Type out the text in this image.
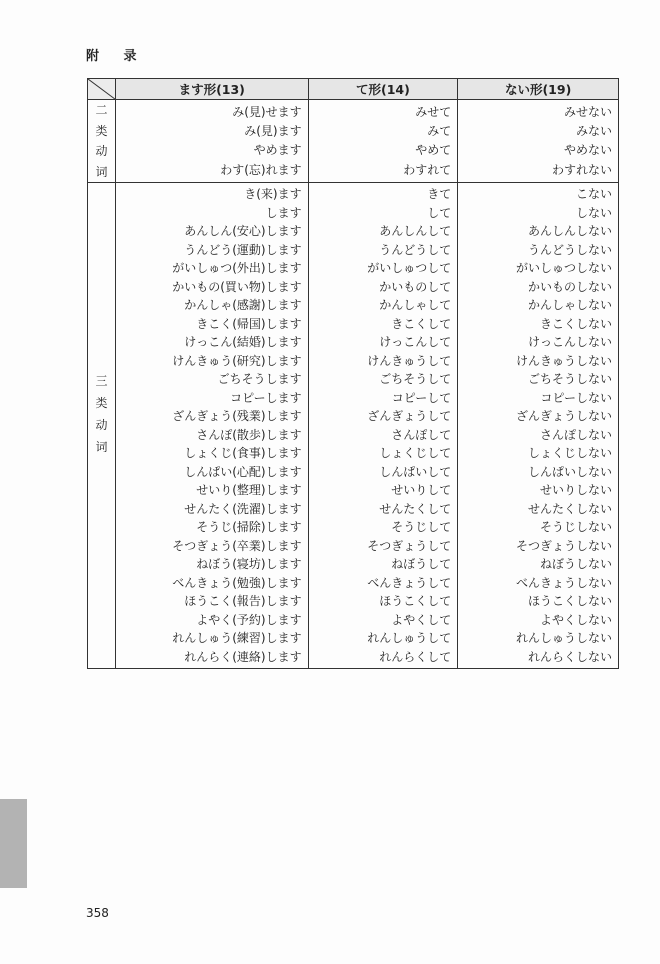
附 录
	ます形(13)	て形(14)	ない形(19)

二
类
动
词	み(見)せます	みせて	みせない
	み(見)ます	みて	みない
	やめます	やめて	やめない
	わす(忘)れます	わすれて	わすれない

三
类
动
词	き(来)ます	きて	こない
	します	して	しない
	あんしん(安心)します	あんしんして	あんしんしない
	うんどう(運動)します	うんどうして	うんどうしない
	がいしゅつ(外出)します	がいしゅつして	がいしゅつしない
	かいもの(買い物)します	かいものして	かいものしない
	かんしゃ(感謝)します	かんしゃして	かんしゃしない
	きこく(帰国)します	きこくして	きこくしない
	けっこん(結婚)します	けっこんして	けっこんしない
	けんきゅう(研究)します	けんきゅうして	けんきゅうしない
	ごちそうします	ごちそうして	ごちそうしない
	コピーします	コピーして	コピーしない
	ざんぎょう(残業)します	ざんぎょうして	ざんぎょうしない
	さんぽ(散歩)します	さんぽして	さんぽしない
	しょくじ(食事)します	しょくじして	しょくじしない
	しんぱい(心配)します	しんぱいして	しんぱいしない
	せいり(整理)します	せいりして	せいりしない
	せんたく(洗濯)します	せんたくして	せんたくしない
	そうじ(掃除)します	そうじして	そうじしない
	そつぎょう(卒業)します	そつぎょうして	そつぎょうしない
	ねぼう(寝坊)します	ねぼうして	ねぼうしない
	べんきょう(勉強)します	べんきょうして	べんきょうしない
	ほうこく(報告)します	ほうこくして	ほうこくしない
	よやく(予約)します	よやくして	よやくしない
	れんしゅう(練習)します	れんしゅうして	れんしゅうしない
	れんらく(連絡)します	れんらくして	れんらくしない
358
